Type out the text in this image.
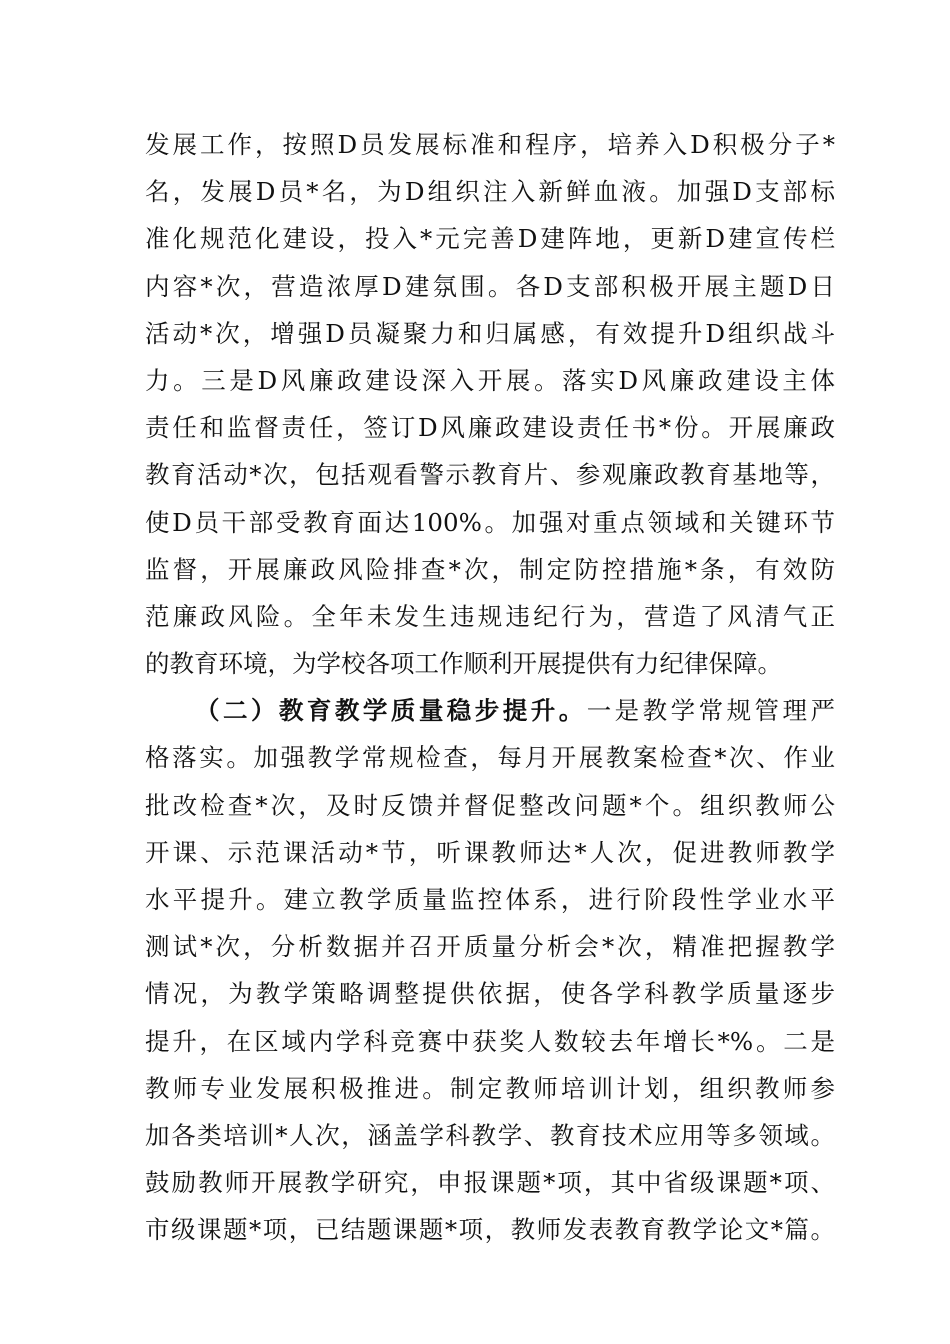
发展工作，按照D员发展标准和程序，培养入D积极分子*
名，发展D员*名，为D组织注入新鲜血液。加强D支部标
准化规范化建设，投入*元完善D建阵地，更新D建宣传栏
内容*次，营造浓厚D建氛围。各D支部积极开展主题D日
活动*次，增强D员凝聚力和归属感，有效提升D组织战斗
力。三是D风廉政建设深入开展。落实D风廉政建设主体
责任和监督责任，签订D风廉政建设责任书*份。开展廉政
教育活动*次，包括观看警示教育片、参观廉政教育基地等，
使D员干部受教育面达100%。加强对重点领域和关键环节
监督，开展廉政风险排查*次，制定防控措施*条，有效防
范廉政风险。全年未发生违规违纪行为，营造了风清气正
的教育环境，为学校各项工作顺利开展提供有力纪律保障。
（二）教育教学质量稳步提升。一是教学常规管理严
格落实。加强教学常规检查，每月开展教案检查*次、作业
批改检查*次，及时反馈并督促整改问题*个。组织教师公
开课、示范课活动*节，听课教师达*人次，促进教师教学
水平提升。建立教学质量监控体系，进行阶段性学业水平
测试*次，分析数据并召开质量分析会*次，精准把握教学
情况，为教学策略调整提供依据，使各学科教学质量逐步
提升，在区域内学科竞赛中获奖人数较去年增长*%。二是
教师专业发展积极推进。制定教师培训计划，组织教师参
加各类培训*人次，涵盖学科教学、教育技术应用等多领域。
鼓励教师开展教学研究，申报课题*项，其中省级课题*项、
市级课题*项，已结题课题*项，教师发表教育教学论文*篇。
